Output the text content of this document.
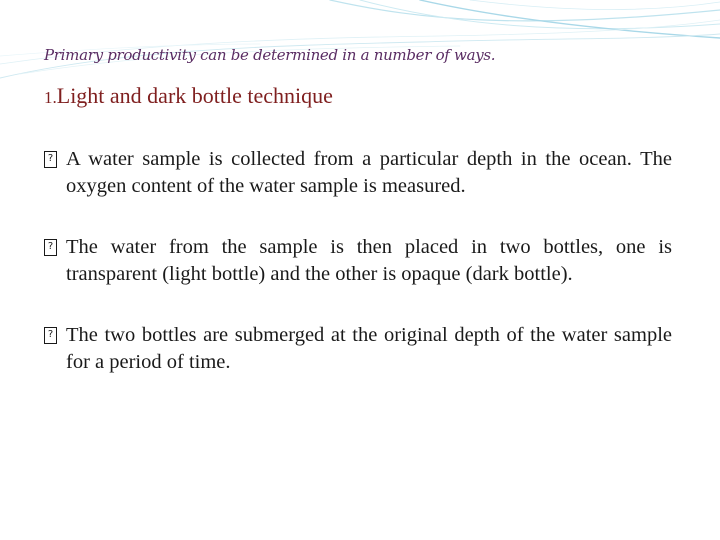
Primary productivity can be determined in a number of ways.
1.Light and dark bottle technique
? A water sample is collected from a particular depth in the ocean. The oxygen content of the water sample is measured.
? The water from the sample is then placed in two bottles, one is transparent (light bottle) and the other is opaque (dark bottle).
? The two bottles are submerged at the original depth of the water sample for a period of time.
